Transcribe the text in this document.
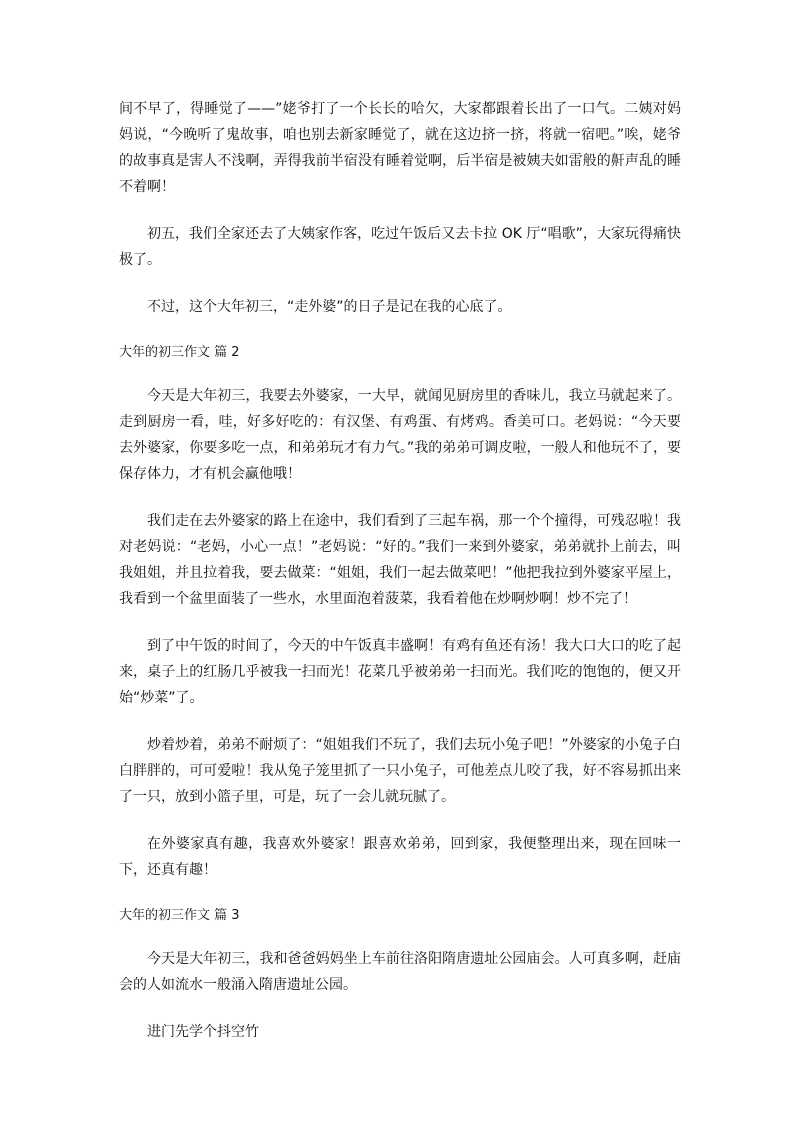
间不早了，得睡觉了——”姥爷打了一个长长的哈欠，大家都跟着长出了一口气。二姨对妈妈说，“今晚听了鬼故事，咱也别去新家睡觉了，就在这边挤一挤，将就一宿吧。”唉，姥爷的故事真是害人不浅啊，弄得我前半宿没有睡着觉啊，后半宿是被姨夫如雷般的鼾声乱的睡不着啊！

初五，我们全家还去了大姨家作客，吃过午饭后又去卡拉 OK 厅“唱歌”，大家玩得痛快极了。

不过，这个大年初三，“走外婆”的日子是记在我的心底了。

大年的初三作文 篇 2

今天是大年初三，我要去外婆家，一大早，就闻见厨房里的香味儿，我立马就起来了。走到厨房一看，哇，好多好吃的：有汉堡、有鸡蛋、有烤鸡。香美可口。老妈说：“今天要去外婆家，你要多吃一点，和弟弟玩才有力气。”我的弟弟可调皮啦，一般人和他玩不了，要保存体力，才有机会赢他哦！

我们走在去外婆家的路上在途中，我们看到了三起车祸，那一个个撞得，可残忍啦！我对老妈说：“老妈，小心一点！”老妈说：“好的。”我们一来到外婆家，弟弟就扑上前去，叫我姐姐，并且拉着我，要去做菜：“姐姐，我们一起去做菜吧！”他把我拉到外婆家平屋上，我看到一个盆里面装了一些水，水里面泡着菠菜，我看着他在炒啊炒啊！炒不完了！

到了中午饭的时间了，今天的中午饭真丰盛啊！有鸡有鱼还有汤！我大口大口的吃了起来，桌子上的红肠几乎被我一扫而光！花菜几乎被弟弟一扫而光。我们吃的饱饱的，便又开始“炒菜”了。

炒着炒着，弟弟不耐烦了：“姐姐我们不玩了，我们去玩小兔子吧！”外婆家的小兔子白白胖胖的，可可爱啦！我从兔子笼里抓了一只小兔子，可他差点儿咬了我，好不容易抓出来了一只，放到小篮子里，可是，玩了一会儿就玩腻了。

在外婆家真有趣，我喜欢外婆家！跟喜欢弟弟，回到家，我便整理出来，现在回味一下，还真有趣！

大年的初三作文 篇 3

今天是大年初三，我和爸爸妈妈坐上车前往洛阳隋唐遗址公园庙会。人可真多啊，赶庙会的人如流水一般涌入隋唐遗址公园。

进门先学个抖空竹
